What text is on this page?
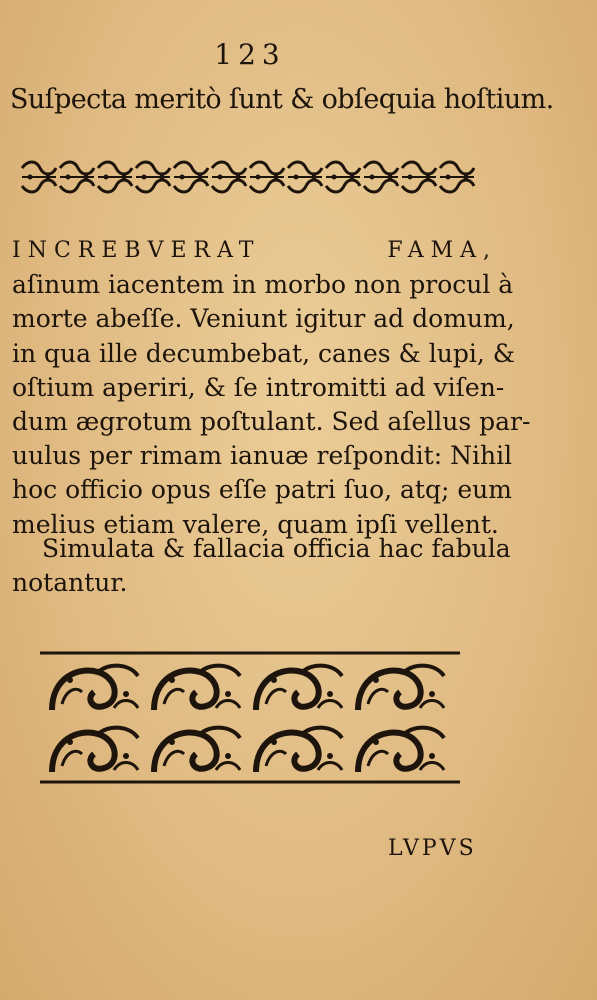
123
Suſpecta meritò ſunt & obſequia hoſtium.
INCREBVERAT FAMA,
aſinum iacentem in morbo non procul à
morte abeſſe. Veniunt igitur ad domum,
in qua ille decumbebat, canes & lupi, &
oſtium aperiri, & ſe intromitti ad viſen-
dum ægrotum poſtulant. Sed aſellus par-
uulus per rimam ianuæ reſpondit: Nihil
hoc officio opus eſſe patri ſuo, atq; eum
melius etiam valere, quam ipſi vellent.
Simulata & fallacia officia hac fabula
notantur.
LVPVS
